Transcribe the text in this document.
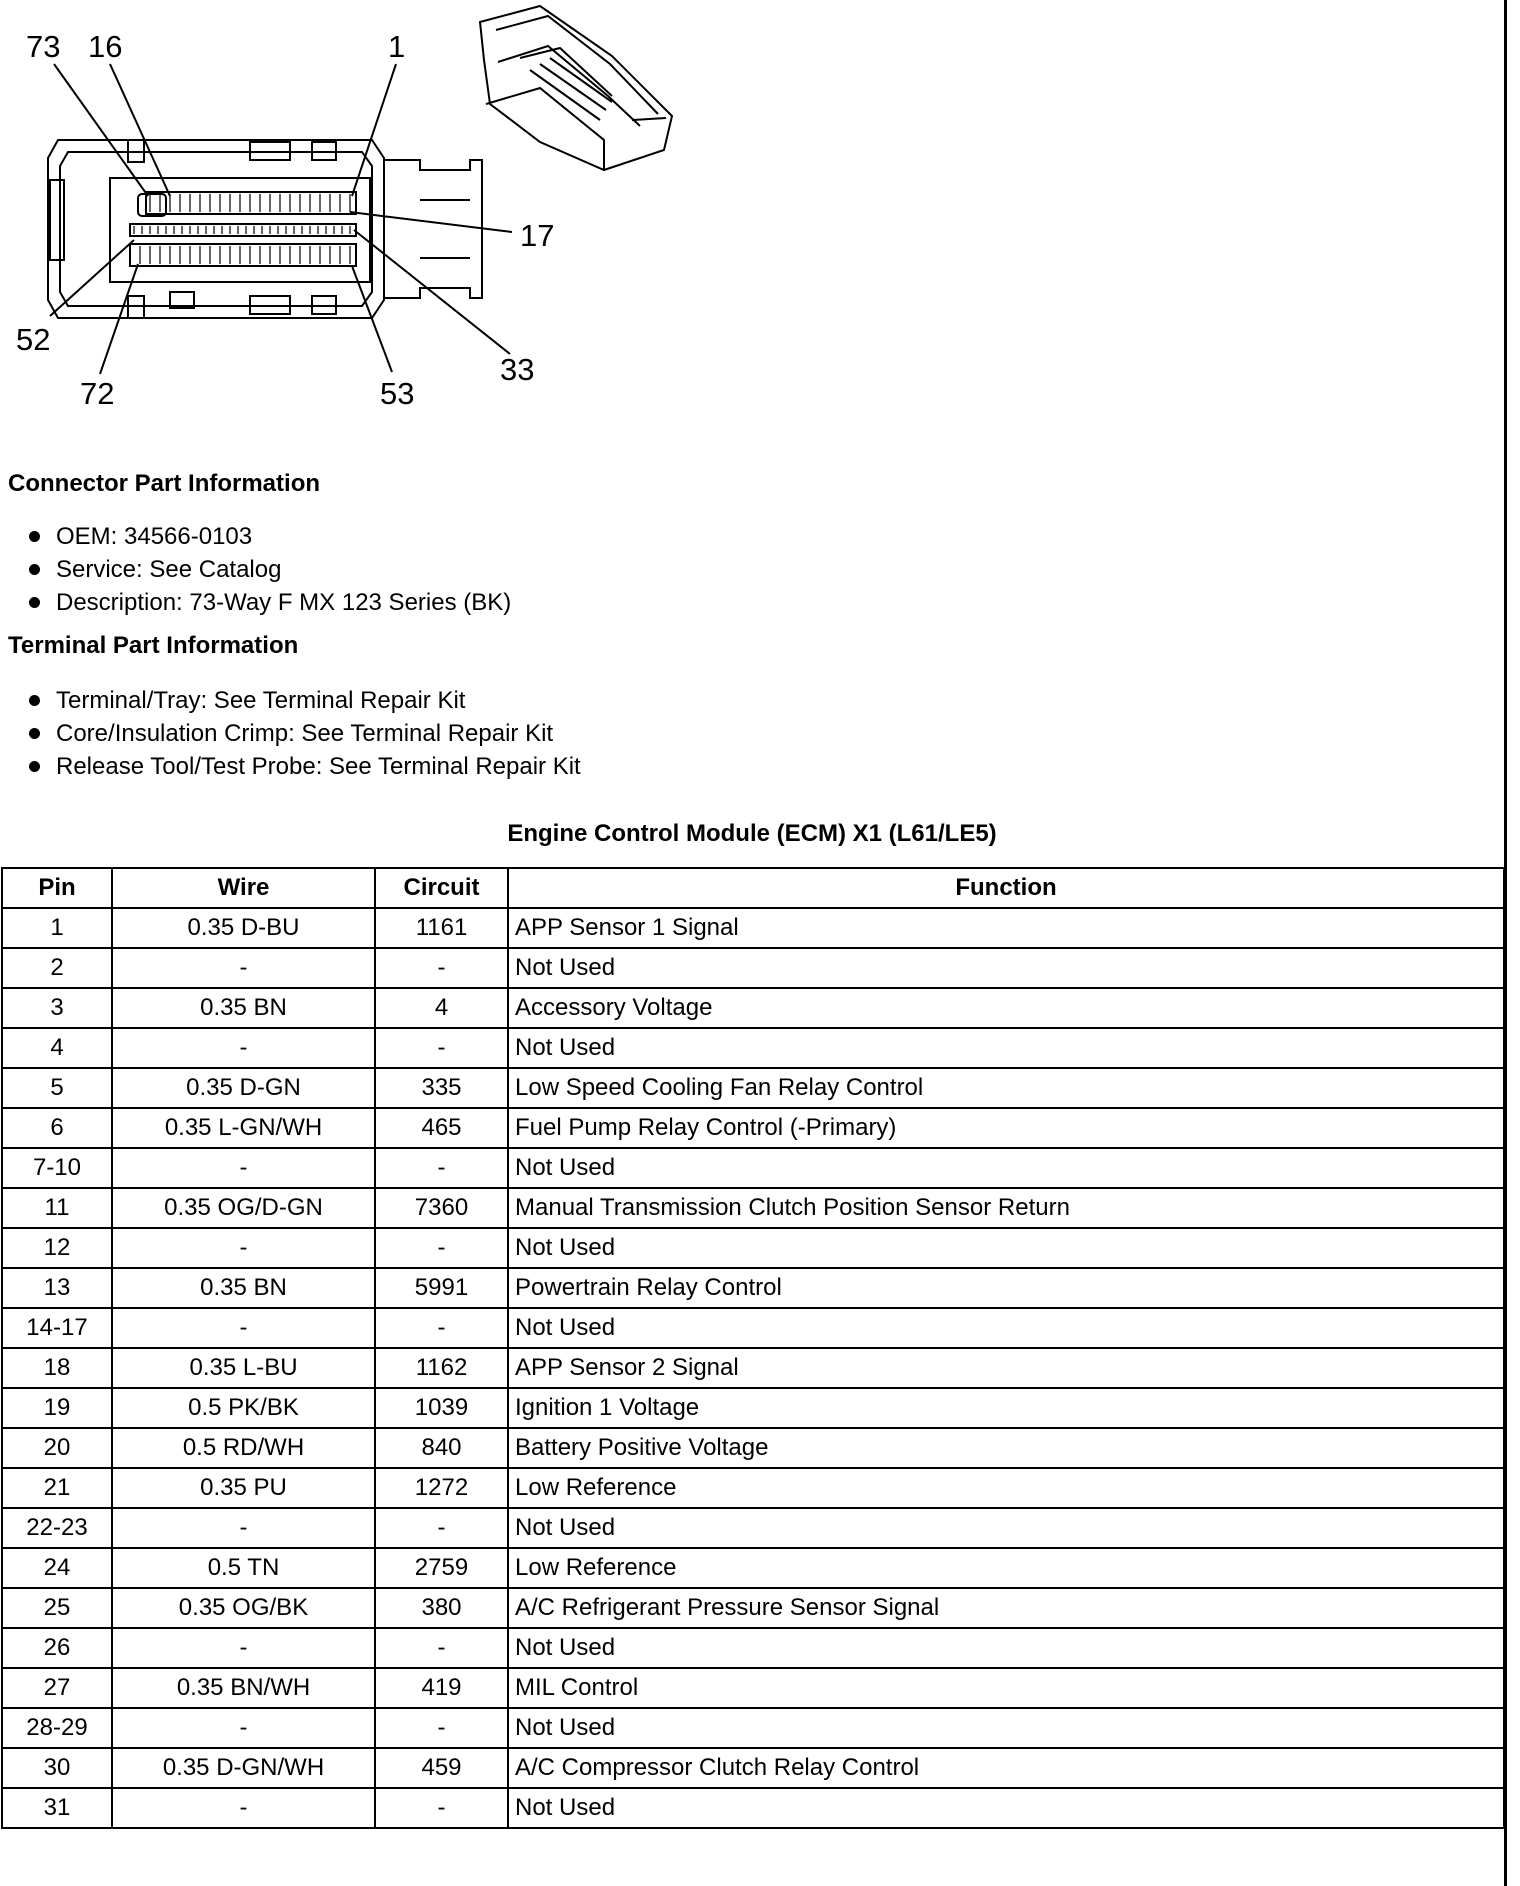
73 16	1
17
52
72	53
33
Connector Part Information
OEM: 34566-0103
Service: See Catalog
Description: 73-Way F MX 123 Series (BK)
Terminal Part Information
Terminal/Tray: See Terminal Repair Kit
Core/Insulation Crimp: See Terminal Repair Kit
Release Tool/Test Probe: See Terminal Repair Kit
Engine Control Module (ECM) X1 (L61/LE5)
Pin	Wire	Circuit	Function
1	0.35 D-BU	1161	APP Sensor 1 Signal
2	-	-	Not Used
3	0.35 BN	4	Accessory Voltage
4	-	-	Not Used
5	0.35 D-GN	335	Low Speed Cooling Fan Relay Control
6	0.35 L-GN/WH	465	Fuel Pump Relay Control (-Primary)
7-10	-	-	Not Used
11	0.35 OG/D-GN	7360	Manual Transmission Clutch Position Sensor Return
12	-	-	Not Used
13	0.35 BN	5991	Powertrain Relay Control
14-17	-	-	Not Used
18	0.35 L-BU	1162	APP Sensor 2 Signal
19	0.5 PK/BK	1039	Ignition 1 Voltage
20	0.5 RD/WH	840	Battery Positive Voltage
21	0.35 PU	1272	Low Reference
22-23	-	-	Not Used
24	0.5 TN	2759	Low Reference
25	0.35 OG/BK	380	A/C Refrigerant Pressure Sensor Signal
26	-	-	Not Used
27	0.35 BN/WH	419	MIL Control
28-29	-	-	Not Used
30	0.35 D-GN/WH	459	A/C Compressor Clutch Relay Control
31	-	-	Not Used
